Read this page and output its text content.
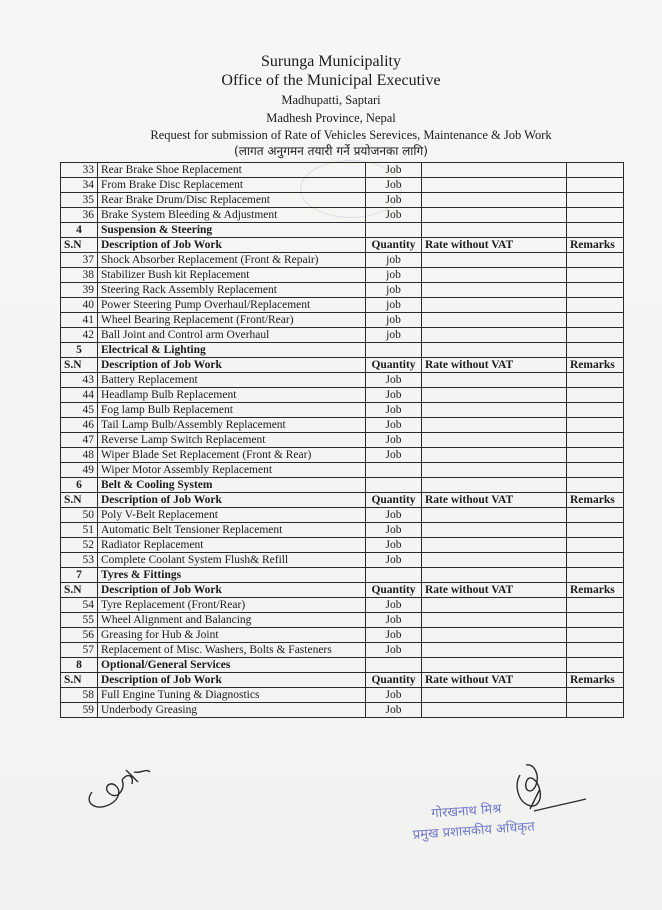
Surunga Municipality
Office of the Municipal Executive
Madhupatti, Saptari
Madhesh Province, Nepal
Request for submission of Rate of Vehicles Serevices, Maintenance & Job Work
(लागत अनुगमन तयारी गर्ने प्रयोजनका लागि)
33	Rear Brake Shoe Replacement	Job		
34	From Brake Disc Replacement	Job		
35	Rear Brake Drum/Disc Replacement	Job		
36	Brake System Bleeding & Adjustment	Job		
4	Suspension & Steering			
S.N	Description of Job Work	Quantity	Rate without VAT	Remarks
37	Shock Absorber Replacement (Front & Repair)	job		
38	Stabilizer Bush kit Replacement	job		
39	Steering Rack Assembly Replacement	job		
40	Power Steering Pump Overhaul/Replacement	job		
41	Wheel Bearing Replacement (Front/Rear)	job		
42	Ball Joint and Control arm Overhaul	job		
5	Electrical & Lighting			
S.N	Description of Job Work	Quantity	Rate without VAT	Remarks
43	Battery Replacement	Job		
44	Headlamp Bulb Replacement	Job		
45	Fog lamp Bulb Replacement	Job		
46	Tail Lamp Bulb/Assembly Replacement	Job		
47	Reverse Lamp Switch Replacement	Job		
48	Wiper Blade Set Replacement (Front & Rear)	Job		
49	Wiper Motor Assembly Replacement			
6	Belt & Cooling System			
S.N	Description of Job Work	Quantity	Rate without VAT	Remarks
50	Poly V-Belt Replacement	Job		
51	Automatic Belt Tensioner Replacement	Job		
52	Radiator Replacement	Job		
53	Complete Coolant System Flush& Refill	Job		
7	Tyres & Fittings			
S.N	Description of Job Work	Quantity	Rate without VAT	Remarks
54	Tyre Replacement (Front/Rear)	Job		
55	Wheel Alignment and Balancing	Job		
56	Greasing for Hub & Joint	Job		
57	Replacement of Misc. Washers, Bolts & Fasteners	Job		
8	Optional/General Services			
S.N	Description of Job Work	Quantity	Rate without VAT	Remarks
58	Full Engine Tuning & Diagnostics	Job		
59	Underbody Greasing	Job		
गोरखनाथ मिश्र
प्रमुख प्रशासकीय अधिकृत
